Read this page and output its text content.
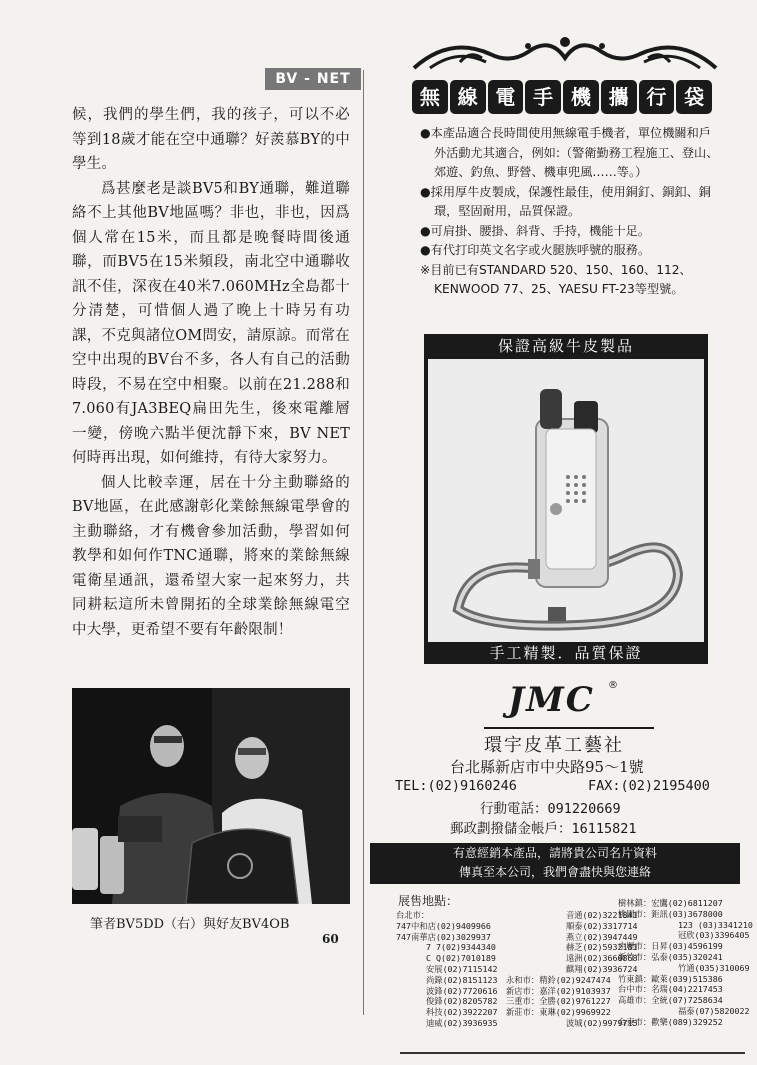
BV - NET

候，我們的學生們，我的孩子，可以不必等到18歲才能在空中通聯？好羨慕BY的中學生。

爲甚麼老是談BV5和BY通聯，難道聯絡不上其他BV地區嗎？非也，非也，因爲個人常在15米，而且都是晚餐時間後通聯，而BV5在15米頻段，南北空中通聯收訊不佳，深夜在40米7.060MHz全島都十分清楚，可惜個人過了晚上十時另有功課，不克與諸位OM問安，請原諒。而常在空中出現的BV台不多，各人有自己的活動時段，不易在空中相聚。以前在21.288和7.060有JA3BEQ扁田先生，後來電離層一變，傍晚六點半便沈靜下來，BV NET何時再出現，如何維持，有待大家努力。

個人比較幸運，居在十分主動聯絡的BV地區，在此感謝彰化業餘無線電學會的主動聯絡，才有機會參加活動，學習如何教學和如何作TNC通聯，將來的業餘無線電衛星通訊，還希望大家一起來努力，共同耕耘這所未曾開拓的全球業餘無線電空中大學，更希望不要有年齡限制！

筆者BV5DD（右）與好友BV4OB
60
無 線 電 手 機 攜 行 袋
●本產品適合長時間使用無線電手機者，單位機關和戶外活動尤其適合，例如:（警衛勤務工程施工、登山、郊遊、釣魚、野營、機車兜風……等。）
●採用厚牛皮製成，保護性最佳，使用銅釘、銅釦、銅環，堅固耐用，品質保證。
●可肩掛、腰掛、斜背、手持，機能十足。
●有代打印英文名字或火腿族呼號的服務。
※目前已有STANDARD 520、150、160、112、KENWOOD 77、25、YAESU FT-23等型號。
保證高級牛皮製品
手工精製．品質保證
JMC ®
環宇皮革工藝社
台北縣新店市中央路95～1號
TEL:(02)9160246	FAX:(02)2195400
行動電話：091220669
郵政劃撥儲金帳戶：16115821
有意經銷本產品，請將貴公司名片資料
傳真至本公司，我們會盡快與您連絡
展售地點：
台北市：
747中和店(02)9409966
747南華店(02)3029937
7 7(02)9344340
C Q(02)7010189
安展(02)7115142
尚錄(02)8151123
波鋒(02)7720616
俊鋒(02)8205782
科技(02)3922207
迪威(02)3936935
音通(02)3221841
順泰(02)3317714
燕立(02)3947449
赫芝(02)5932181
遠洲(02)3660868
麒翔(02)3936724
永和市：精鈴(02)9247474
新店市：嘉洋(02)9103937
三重市：全勝(02)9761227
新莊市：東琳(02)9969922
波城(02)9979715
樹林鎮：宏鷹(02)6811207
桃園市：鉅訊(03)3678000
123 (03)3341210
冠欣(03)3396405
中壢市：日昇(03)4596199
新竹市：弘泰(035)320241
竹通(035)310069
竹東鎮：歐萊(039)515386
台中市：名瑞(04)2217453
高雄市：全統(07)7258634
福泰(07)5820022
台東市：歡樂(089)329252
